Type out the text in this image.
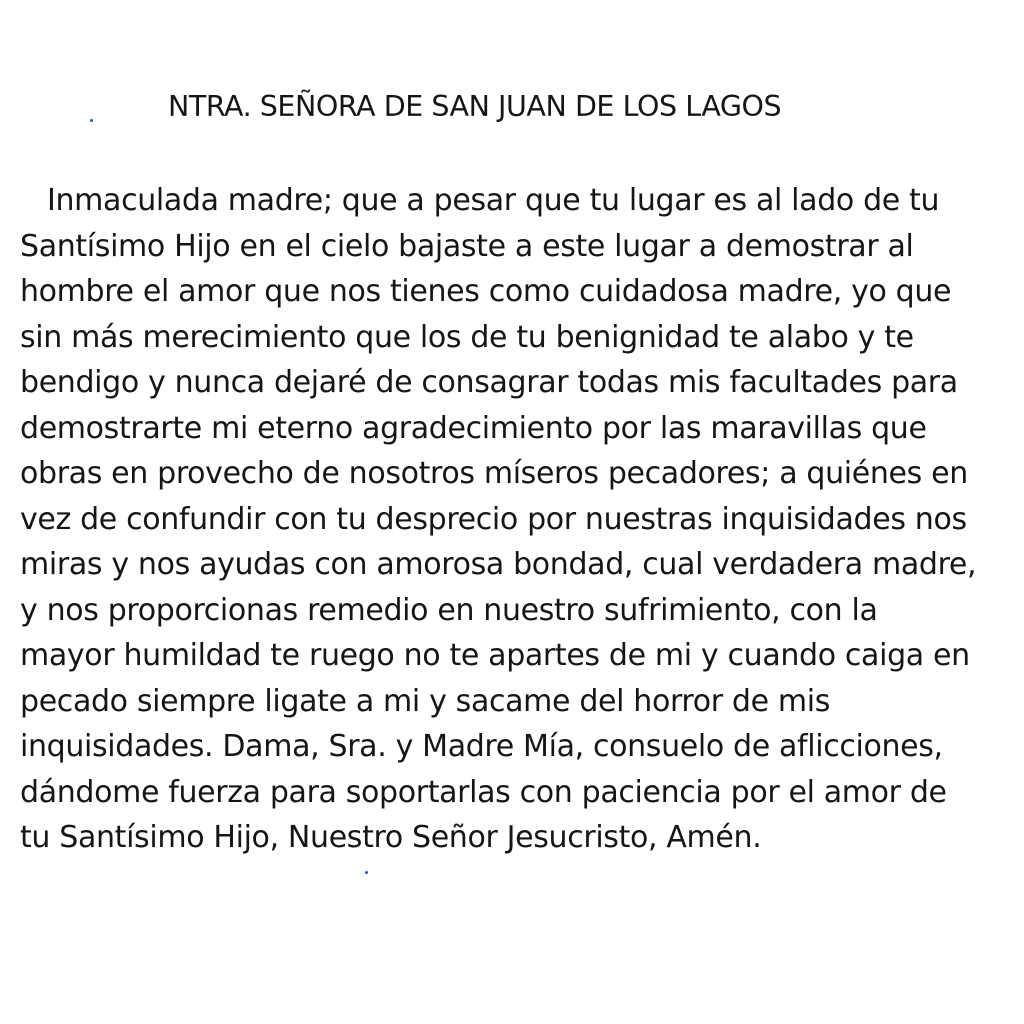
NTRA. SEÑORA DE SAN JUAN DE LOS LAGOS
Inmaculada madre; que a pesar que tu lugar es al lado de tu
Santísimo Hijo en el cielo bajaste a este lugar a demostrar al
hombre el amor que nos tienes como cuidadosa madre, yo que
sin más merecimiento que los de tu benignidad te alabo y te
bendigo y nunca dejaré de consagrar todas mis facultades para
demostrarte mi eterno agradecimiento por las maravillas que
obras en provecho de nosotros míseros pecadores; a quiénes en
vez de confundir con tu desprecio por nuestras inquisidades nos
miras y nos ayudas con amorosa bondad, cual verdadera madre,
y nos proporcionas remedio en nuestro sufrimiento, con la
mayor humildad te ruego no te apartes de mi y cuando caiga en
pecado siempre ligate a mi y sacame del horror de mis
inquisidades. Dama, Sra. y Madre Mía, consuelo de aflicciones,
dándome fuerza para soportarlas con paciencia por el amor de
tu Santísimo Hijo, Nuestro Señor Jesucristo, Amén.
